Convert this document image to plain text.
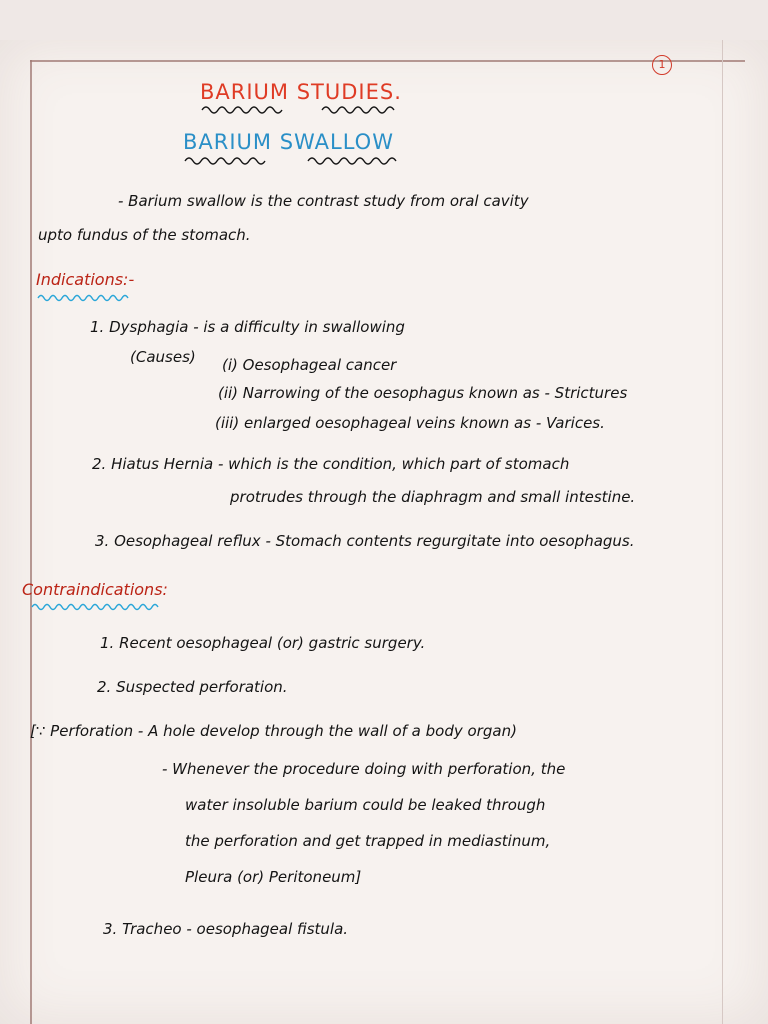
1
BARIUM STUDIES.
BARIUM SWALLOW
- Barium swallow is the contrast study from oral cavity
upto fundus of the stomach.
Indications:-
1. Dysphagia - is a difficulty in swallowing
(Causes) (i) Oesophageal cancer
(ii) Narrowing of the oesophagus known as - Strictures
(iii) enlarged oesophageal veins known as - Varices.
2. Hiatus Hernia - which is the condition, which part of stomach
protrudes through the diaphragm and small intestine.
3. Oesophageal reflux - Stomach contents regurgitate into oesophagus.
Contraindications:
1. Recent oesophageal (or) gastric surgery.
2. Suspected perforation.
[∵ Perforation - A hole develop through the wall of a body organ)
- Whenever the procedure doing with perforation, the
water insoluble barium could be leaked through
the perforation and get trapped in mediastinum,
Pleura (or) Peritoneum]
3. Tracheo - oesophageal fistula.
